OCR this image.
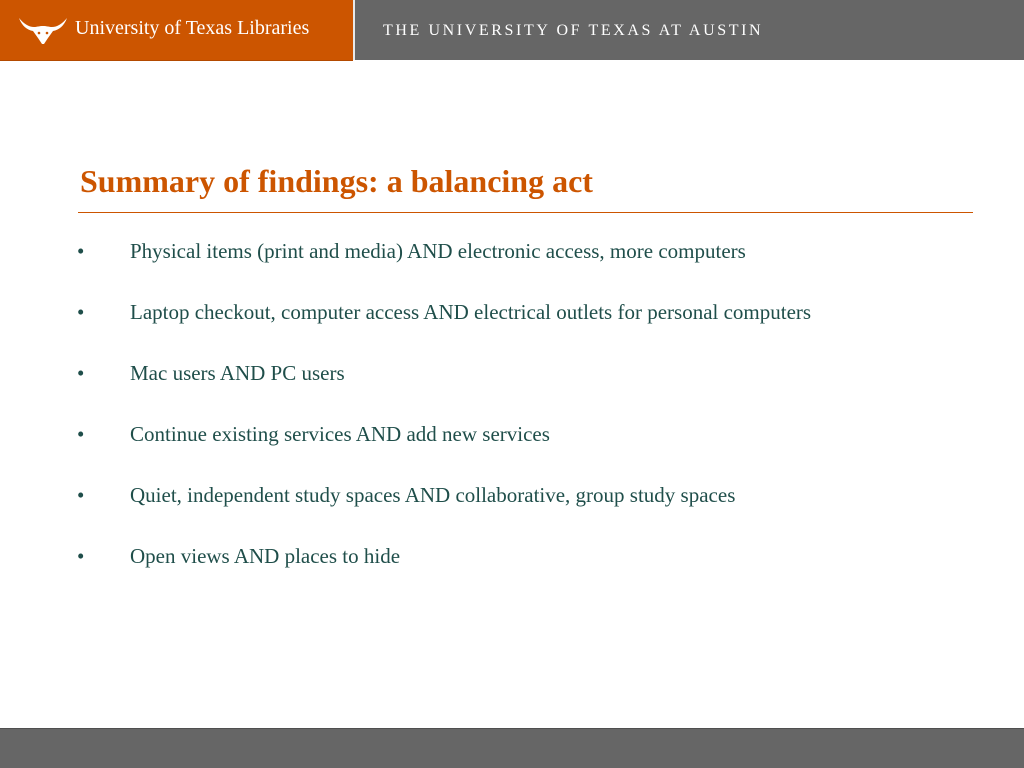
University of Texas Libraries	THE UNIVERSITY OF TEXAS AT AUSTIN
Summary of findings: a balancing act
• Physical items (print and media) AND electronic access, more computers
• Laptop checkout, computer access AND electrical outlets for personal computers
• Mac users AND PC users
• Continue existing services AND add new services
• Quiet, independent study spaces AND collaborative, group study spaces
• Open views AND places to hide
